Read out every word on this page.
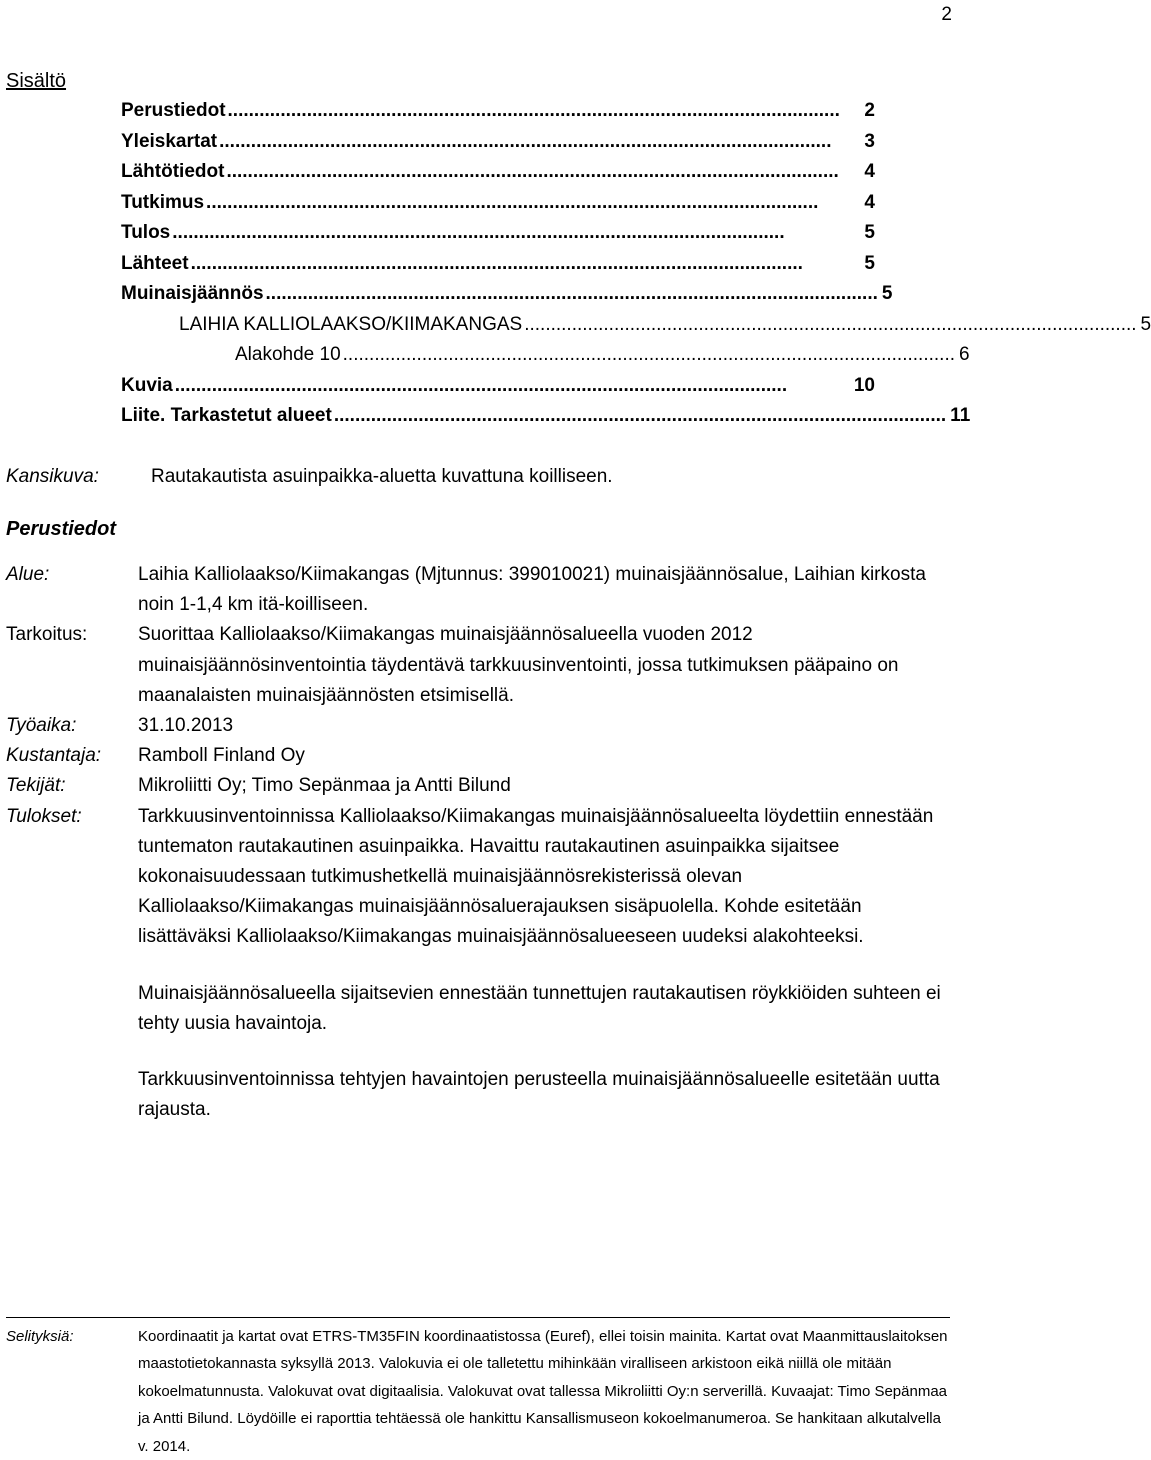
2
Sisältö
Perustiedot ....................................................................................................................	2
Yleiskartat ....................................................................................................................	3
Lähtötiedot ....................................................................................................................	4
Tutkimus ....................................................................................................................	4
Tulos ....................................................................................................................	5
Lähteet ....................................................................................................................	5
Muinaisjäännös .................................................................................................................... 5
LAIHIA KALLIOLAAKSO/KIIMAKANGAS .................................................................................................................... 5
Alakohde 10 .................................................................................................................... 6
Kuvia ....................................................................................................................	10
Liite. Tarkastetut alueet .................................................................................................................... 11
Kansikuva:	Rautakautista asuinpaikka-aluetta kuvattuna koilliseen.
Perustiedot
Alue:	Laihia Kalliolaakso/Kiimakangas (Mjtunnus: 399010021) muinaisjäännösalue, Laihian kirkosta noin 1-1,4 km itä-koilliseen.
Tarkoitus:	Suorittaa Kalliolaakso/Kiimakangas muinaisjäännösalueella vuoden 2012 muinaisjäännösinventointia täydentävä tarkkuusinventointi, jossa tutkimuksen pääpaino on maanalaisten muinaisjäännösten etsimisellä.
Työaika:	31.10.2013
Kustantaja:	Ramboll Finland Oy
Tekijät:	Mikroliitti Oy; Timo Sepänmaa ja Antti Bilund
Tulokset:	Tarkkuusinventoinnissa Kalliolaakso/Kiimakangas muinaisjäännösalueelta löydettiin ennestään tuntematon rautakautinen asuinpaikka. Havaittu rautakautinen asuinpaikka sijaitsee kokonaisuudessaan tutkimushetkellä muinaisjäännösrekisterissä olevan Kalliolaakso/Kiimakangas muinaisjäännösaluerajauksen sisäpuolella. Kohde esitetään lisättäväksi Kalliolaakso/Kiimakangas muinaisjäännösalueeseen uudeksi alakohteeksi.

Muinaisjäännösalueella sijaitsevien ennestään tunnettujen rautakautisen röykkiöiden suhteen ei tehty uusia havaintoja.

Tarkkuusinventoinnissa tehtyjen havaintojen perusteella muinaisjäännösalueelle esitetään uutta rajausta.

Selityksiä:	Koordinaatit ja kartat ovat ETRS-TM35FIN koordinaatistossa (Euref), ellei toisin mainita. Kartat ovat Maanmittauslaitoksen maastotietokannasta syksyllä 2013. Valokuvia ei ole talletettu mihinkään viralliseen arkistoon eikä niillä ole mitään kokoelmatunnusta. Valokuvat ovat digitaalisia. Valokuvat ovat tallessa Mikroliitti Oy:n serverillä. Kuvaajat: Timo Sepänmaa ja Antti Bilund. Löydöille ei raporttia tehtäessä ole hankittu Kansallismuseon kokoelmanumeroa. Se hankitaan alkutalvella v. 2014.
